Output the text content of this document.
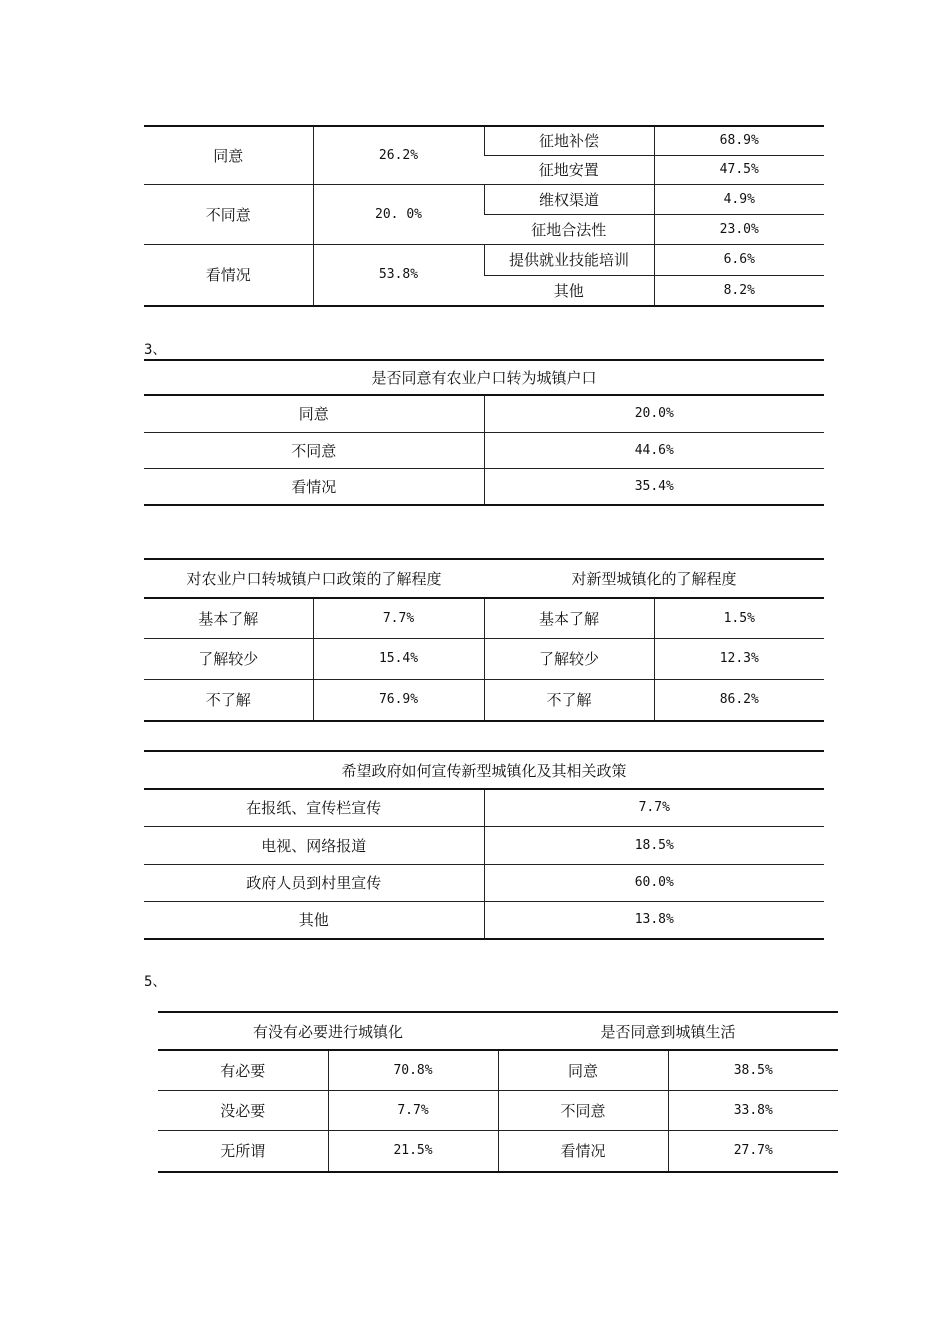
同意	26.2%	征地补偿	68.9%
		征地安置	47.5%
不同意	20. 0%	维权渠道	4.9%
		征地合法性	23.0%
看情况	53.8%	提供就业技能培训	6.6%
		其他	8.2%
3、
是否同意有农业户口转为城镇户口	
同意	20.0%
不同意	44.6%
看情况	35.4%
对农业户口转城镇户口政策的了解程度		对新型城镇化的了解程度	
基本了解	7.7%	基本了解	1.5%
了解较少	15.4%	了解较少	12.3%
不了解	76.9%	不了解	86.2%
希望政府如何宣传新型城镇化及其相关政策	
在报纸、宣传栏宣传	7.7%
电视、网络报道	18.5%
政府人员到村里宣传	60.0%
其他	13.8%
5、
有没有必要进行城镇化		是否同意到城镇生活	
有必要	70.8%	同意	38.5%
没必要	7.7%	不同意	33.8%
无所谓	21.5%	看情况	27.7%
